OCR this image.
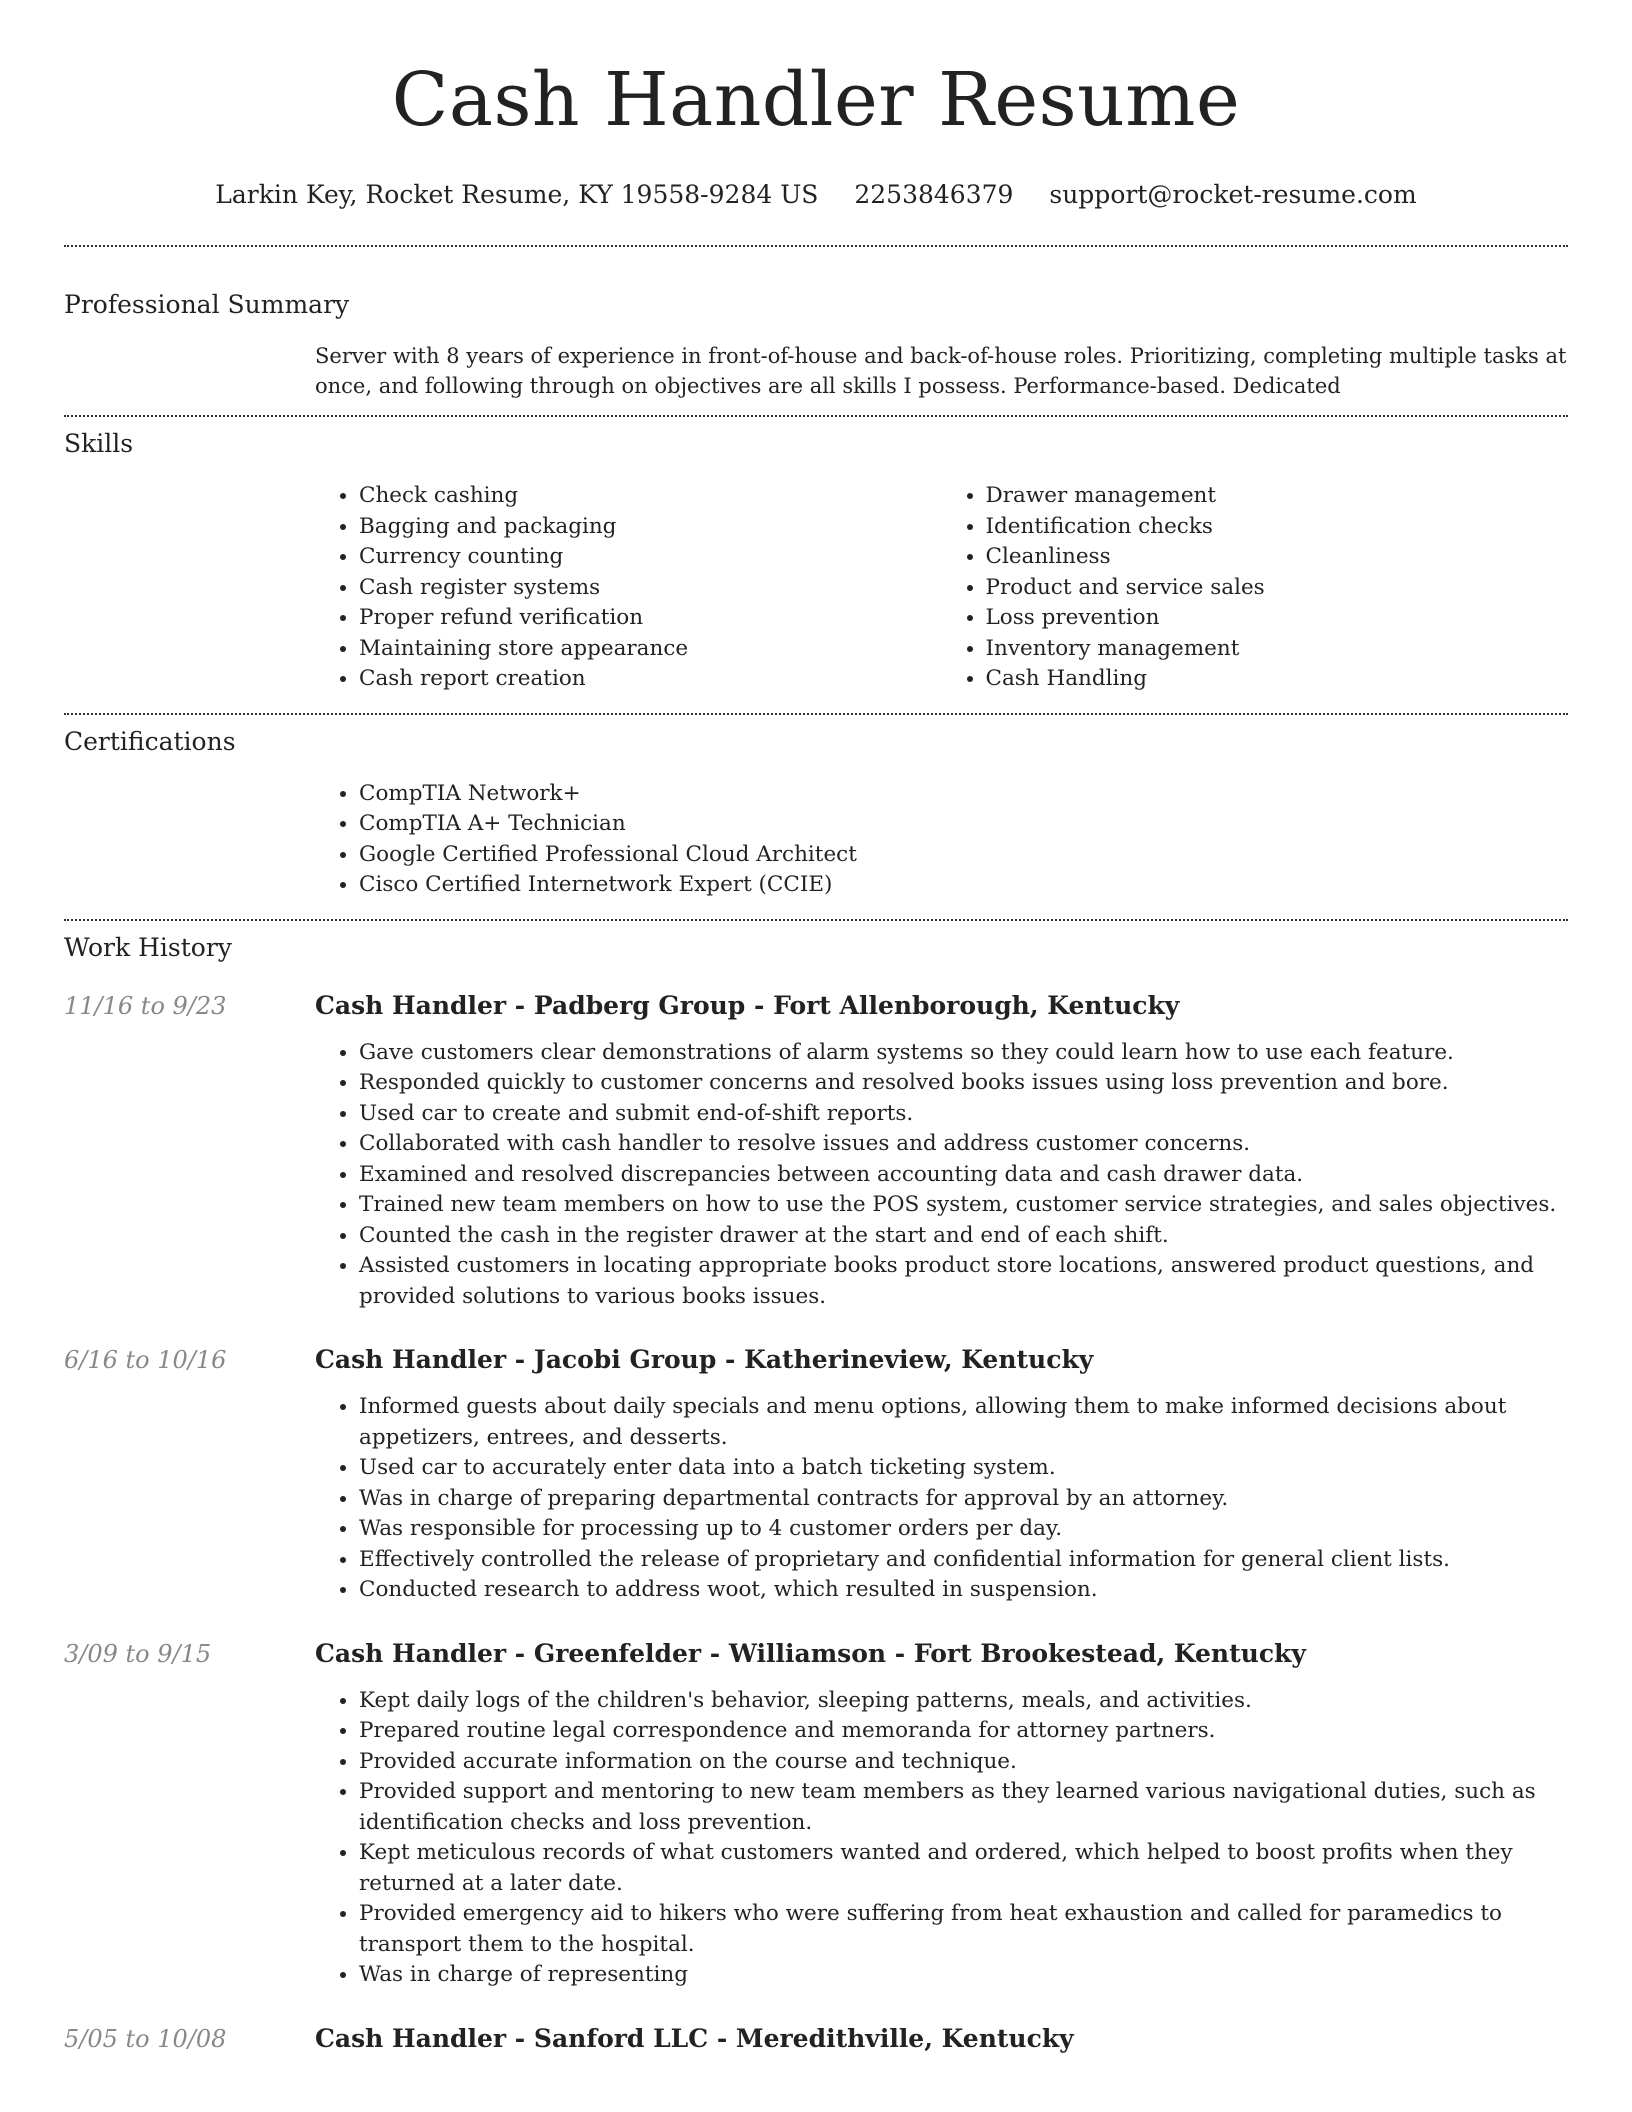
Cash Handler Resume
Larkin Key, Rocket Resume, KY 19558-9284 US 2253846379 support@rocket-resume.com
Professional Summary

Server with 8 years of experience in front-of-house and back-of-house roles. Prioritizing, completing multiple tasks at once, and following through on objectives are all skills I possess. Performance-based. Dedicated

Skills
• Check cashing
• Bagging and packaging
• Currency counting
• Cash register systems
• Proper refund verification
• Maintaining store appearance
• Cash report creation
• Drawer management
• Identification checks
• Cleanliness
• Product and service sales
• Loss prevention
• Inventory management
• Cash Handling
Certifications
• CompTIA Network+
• CompTIA A+ Technician
• Google Certified Professional Cloud Architect
• Cisco Certified Internetwork Expert (CCIE)
Work History
11/16 to 9/23	Cash Handler - Padberg Group - Fort Allenborough, Kentucky
• Gave customers clear demonstrations of alarm systems so they could learn how to use each feature.
• Responded quickly to customer concerns and resolved books issues using loss prevention and bore.
• Used car to create and submit end-of-shift reports.
• Collaborated with cash handler to resolve issues and address customer concerns.
• Examined and resolved discrepancies between accounting data and cash drawer data.
• Trained new team members on how to use the POS system, customer service strategies, and sales objectives.
• Counted the cash in the register drawer at the start and end of each shift.
• Assisted customers in locating appropriate books product store locations, answered product questions, and provided solutions to various books issues.
6/16 to 10/16	Cash Handler - Jacobi Group - Katherineview, Kentucky
• Informed guests about daily specials and menu options, allowing them to make informed decisions about appetizers, entrees, and desserts.
• Used car to accurately enter data into a batch ticketing system.
• Was in charge of preparing departmental contracts for approval by an attorney.
• Was responsible for processing up to 4 customer orders per day.
• Effectively controlled the release of proprietary and confidential information for general client lists.
• Conducted research to address woot, which resulted in suspension.
3/09 to 9/15	Cash Handler - Greenfelder - Williamson - Fort Brookestead, Kentucky
• Kept daily logs of the children's behavior, sleeping patterns, meals, and activities.
• Prepared routine legal correspondence and memoranda for attorney partners.
• Provided accurate information on the course and technique.
• Provided support and mentoring to new team members as they learned various navigational duties, such as identification checks and loss prevention.
• Kept meticulous records of what customers wanted and ordered, which helped to boost profits when they returned at a later date.
• Provided emergency aid to hikers who were suffering from heat exhaustion and called for paramedics to transport them to the hospital.
• Was in charge of representing
5/05 to 10/08	Cash Handler - Sanford LLC - Meredithville, Kentucky
